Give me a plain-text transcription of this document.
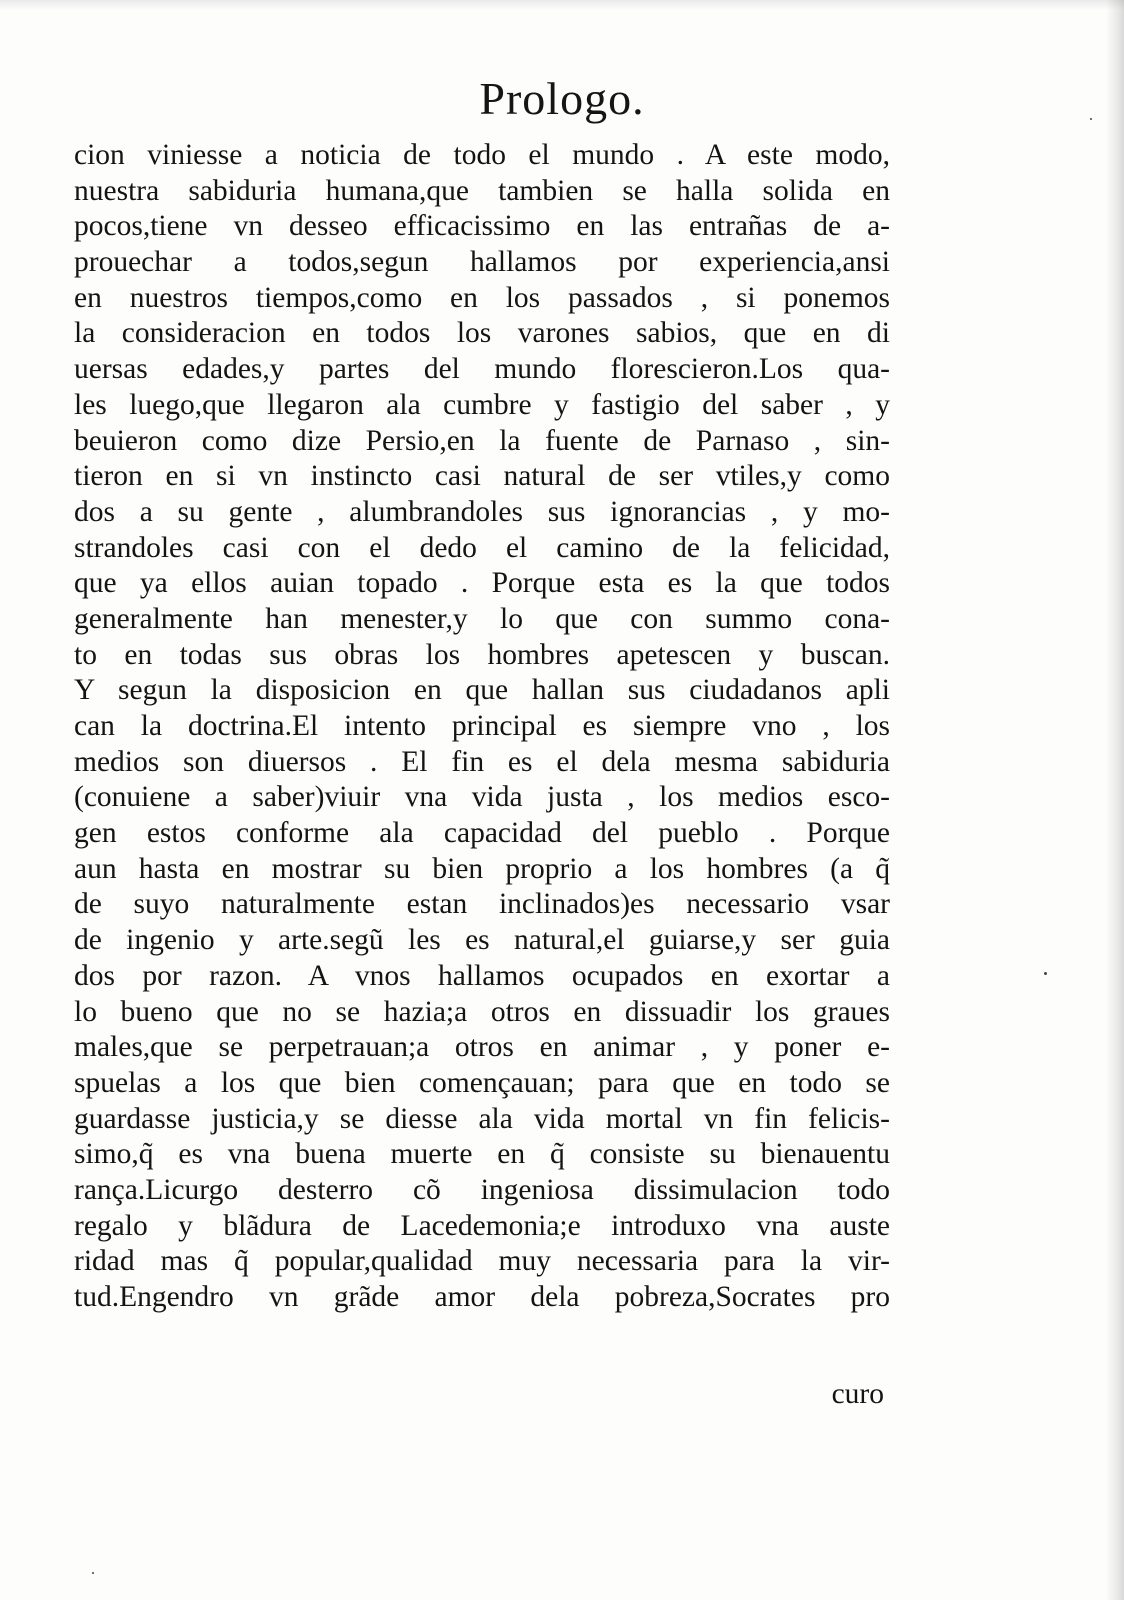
Prologo.
cion viniesse a noticia de todo el mundo . A este modo,
nuestra sabiduria humana,que tambien se halla solida en
pocos,tiene vn desseo efficacissimo en las entrañas de a-
prouechar a todos,segun hallamos por experiencia,ansi
en nuestros tiempos,como en los passados , si ponemos
la consideracion en todos los varones sabios, que en di
uersas edades,y partes del mundo florescieron.Los qua-
les luego,que llegaron ala cumbre y fastigio del saber , y
beuieron como dize Persio,en la fuente de Parnaso , sin-
tieron en si vn instincto casi natural de ser vtiles,y como
dos a su gente , alumbrandoles sus ignorancias , y mo-
strandoles casi con el dedo el camino de la felicidad,
que ya ellos auian topado . Porque esta es la que todos
generalmente han menester,y lo que con summo cona-
to en todas sus obras los hombres apetescen y buscan.
Y segun la disposicion en que hallan sus ciudadanos apli
can la doctrina.El intento principal es siempre vno , los
medios son diuersos . El fin es el dela mesma sabiduria
(conuiene a saber)viuir vna vida justa , los medios esco-
gen estos conforme ala capacidad del pueblo . Porque
aun hasta en mostrar su bien proprio a los hombres (a q̃
de suyo naturalmente estan inclinados)es necessario vsar
de ingenio y arte.segũ les es natural,el guiarse,y ser guia
dos por razon. A vnos hallamos ocupados en exortar a
lo bueno que no se hazia;a otros en dissuadir los graues
males,que se perpetrauan;a otros en animar , y poner e-
spuelas a los que bien començauan; para que en todo se
guardasse justicia,y se diesse ala vida mortal vn fin felicis-
simo,q̃ es vna buena muerte en q̃ consiste su bienauentu
rança.Licurgo desterro cõ ingeniosa dissimulacion todo
regalo y blãdura de Lacedemonia;e introduxo vna auste
ridad mas q̃ popular,qualidad muy necessaria para la vir-
tud.Engendro vn grãde amor dela pobreza,Socrates pro
curo
